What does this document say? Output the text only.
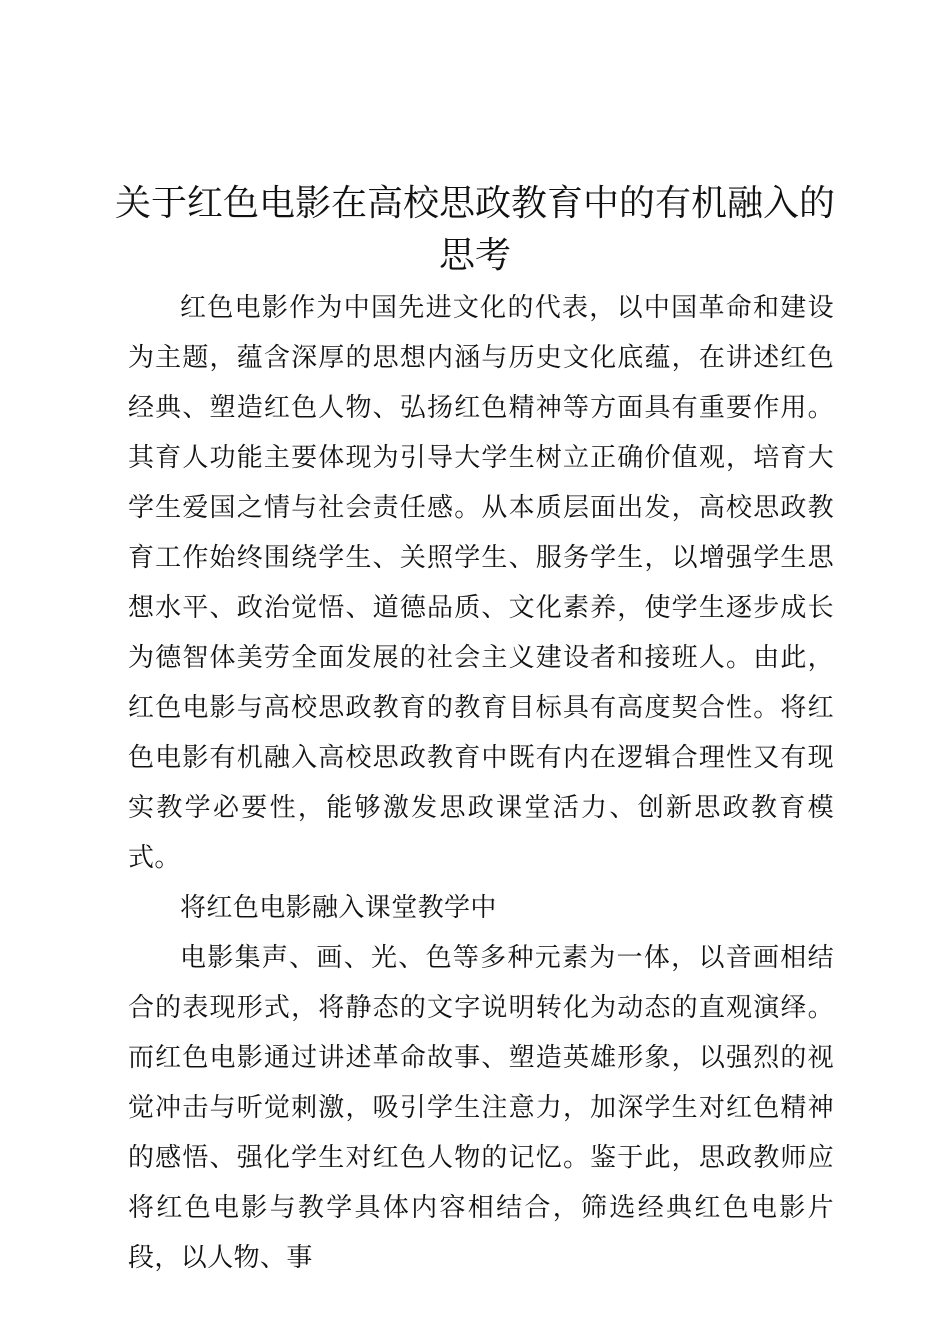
关于红色电影在高校思政教育中的有机融入的思考

红色电影作为中国先进文化的代表，以中国革命和建设为主题，蕴含深厚的思想内涵与历史文化底蕴，在讲述红色经典、塑造红色人物、弘扬红色精神等方面具有重要作用。其育人功能主要体现为引导大学生树立正确价值观，培育大学生爱国之情与社会责任感。从本质层面出发，高校思政教育工作始终围绕学生、关照学生、服务学生，以增强学生思想水平、政治觉悟、道德品质、文化素养，使学生逐步成长为德智体美劳全面发展的社会主义建设者和接班人。由此，红色电影与高校思政教育的教育目标具有高度契合性。将红色电影有机融入高校思政教育中既有内在逻辑合理性又有现实教学必要性，能够激发思政课堂活力、创新思政教育模式。

将红色电影融入课堂教学中

电影集声、画、光、色等多种元素为一体，以音画相结合的表现形式，将静态的文字说明转化为动态的直观演绎。而红色电影通过讲述革命故事、塑造英雄形象，以强烈的视觉冲击与听觉刺激，吸引学生注意力，加深学生对红色精神的感悟、强化学生对红色人物的记忆。鉴于此，思政教师应将红色电影与教学具体内容相结合，筛选经典红色电影片段，以人物、事
